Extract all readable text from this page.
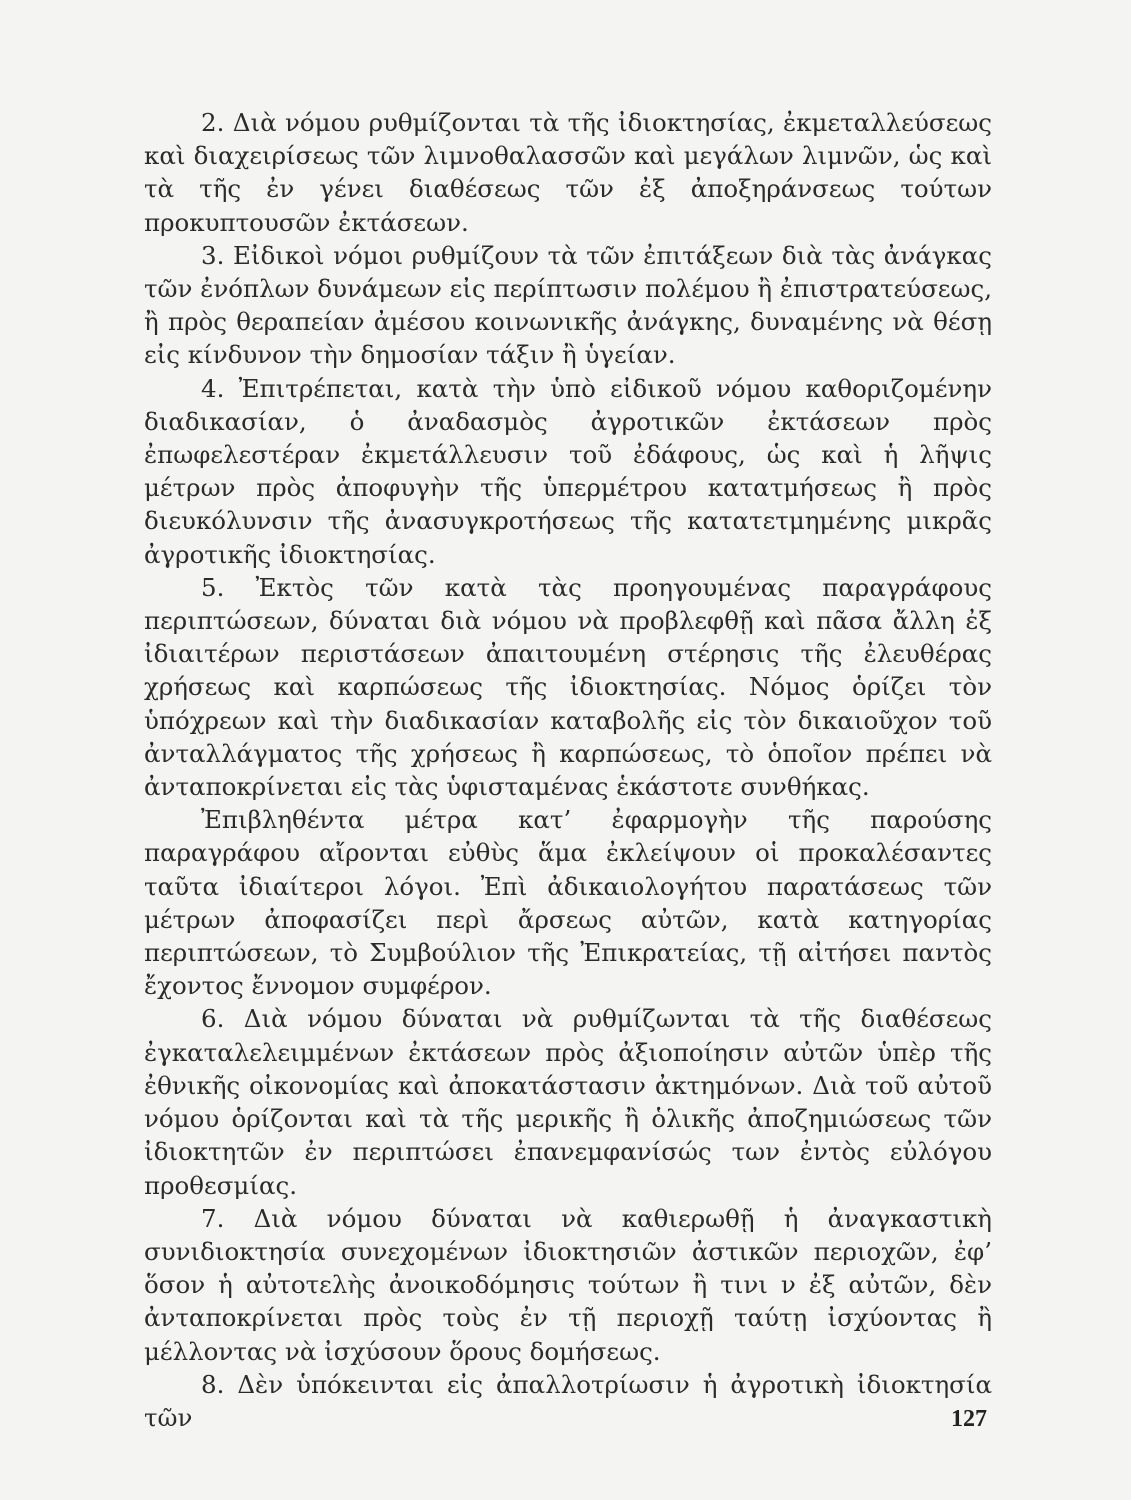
2. Διὰ νόμου ρυθμίζονται τὰ τῆς ἰδιοκτησίας, ἐκμεταλλεύσεως καὶ διαχειρίσεως τῶν λιμνοθαλασσῶν καὶ μεγάλων λιμνῶν, ὡς καὶ τὰ τῆς ἐν γένει διαθέσεως τῶν ἐξ ἀποξηράνσεως τούτων προκυπτουσῶν ἐκτάσεων.

3. Εἰδικοὶ νόμοι ρυθμίζουν τὰ τῶν ἐπιτάξεων διὰ τὰς ἀνάγκας τῶν ἐνόπλων δυνάμεων εἰς περίπτωσιν πολέμου ἢ ἐπιστρατεύσεως, ἢ πρὸς θεραπείαν ἀμέσου κοινωνικῆς ἀνάγκης, δυναμένης νὰ θέσῃ εἰς κίνδυνον τὴν δημοσίαν τάξιν ἢ ὑγείαν.

4. Ἐπιτρέπεται, κατὰ τὴν ὑπὸ εἰδικοῦ νόμου καθοριζομένην διαδικασίαν, ὁ ἀναδασμὸς ἀγροτικῶν ἐκτάσεων πρὸς ἐπωφελεστέραν ἐκμετάλλευσιν τοῦ ἐδάφους, ὡς καὶ ἡ λῆψις μέτρων πρὸς ἀποφυγὴν τῆς ὑπερμέτρου κατατμήσεως ἢ πρὸς διευκόλυνσιν τῆς ἀνασυγκροτήσεως τῆς κατατετμημένης μικρᾶς ἀγροτικῆς ἰδιοκτησίας.

5. Ἐκτὸς τῶν κατὰ τὰς προηγουμένας παραγράφους περιπτώσεων, δύναται διὰ νόμου νὰ προβλεφθῇ καὶ πᾶσα ἄλλη ἐξ ἰδιαιτέρων περιστάσεων ἀπαιτουμένη στέρησις τῆς ἐλευθέρας χρήσεως καὶ καρπώσεως τῆς ἰδιοκτησίας. Νόμος ὁρίζει τὸν ὑπόχρεων καὶ τὴν διαδικασίαν καταβολῆς εἰς τὸν δικαιοῦχον τοῦ ἀνταλλάγματος τῆς χρήσεως ἢ καρπώσεως, τὸ ὁποῖον πρέπει νὰ ἀνταποκρίνεται εἰς τὰς ὑφισταμένας ἑκάστοτε συνθήκας.

Ἐπιβληθέντα μέτρα κατ’ ἐφαρμογὴν τῆς παρούσης παραγράφου αἴρονται εὐθὺς ἅμα ἐκλείψουν οἱ προκαλέσαντες ταῦτα ἰδιαίτεροι λόγοι. Ἐπὶ ἀδικαιολογήτου παρατάσεως τῶν μέτρων ἀποφασίζει περὶ ἄρσεως αὐτῶν, κατὰ κατηγορίας περιπτώσεων, τὸ Συμβούλιον τῆς Ἐπικρατείας, τῇ αἰτήσει παντὸς ἔχοντος ἔννομον συμφέρον.

6. Διὰ νόμου δύναται νὰ ρυθμίζωνται τὰ τῆς διαθέσεως ἐγκαταλελειμμένων ἐκτάσεων πρὸς ἀξιοποίησιν αὐτῶν ὑπὲρ τῆς ἐθνικῆς οἰκονομίας καὶ ἀποκατάστασιν ἀκτημόνων. Διὰ τοῦ αὐτοῦ νόμου ὁρίζονται καὶ τὰ τῆς μερικῆς ἢ ὁλικῆς ἀποζημιώσεως τῶν ἰδιοκτητῶν ἐν περιπτώσει ἐπανεμφανίσώς των ἐντὸς εὐλόγου προθεσμίας.

7. Διὰ νόμου δύναται νὰ καθιερωθῇ ἡ ἀναγκαστικὴ συνιδιοκτησία συνεχομένων ἰδιοκτησιῶν ἀστικῶν περιοχῶν, ἐφ’ ὅσον ἡ αὐτοτελὴς ἀνοικοδόμησις τούτων ἢ τινι ν ἐξ αὐτῶν, δὲν ἀνταποκρίνεται πρὸς τοὺς ἐν τῇ περιοχῇ ταύτῃ ἰσχύοντας ἢ μέλλοντας νὰ ἰσχύσουν ὅρους δομήσεως.

8. Δὲν ὑπόκεινται εἰς ἀπαλλοτρίωσιν ἡ ἀγροτικὴ ἰδιοκτησία τῶν	127
